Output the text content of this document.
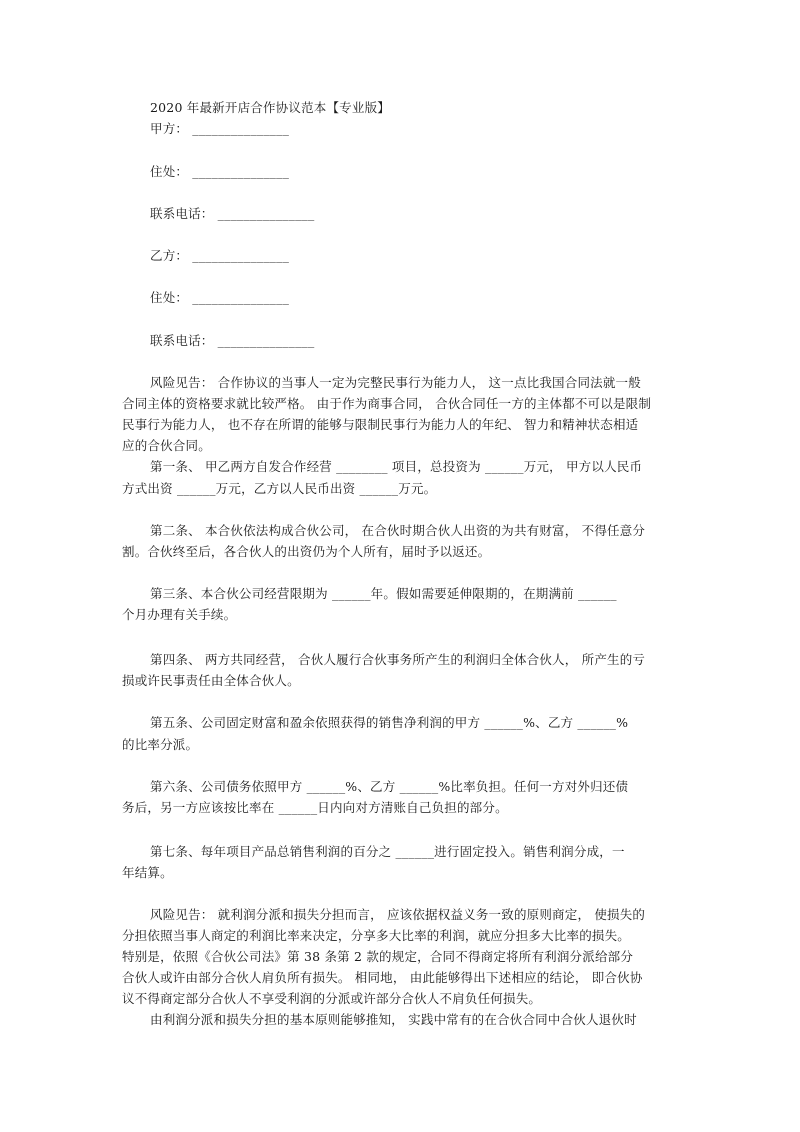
2020 年最新开店合作协议范本【专业版】
甲方： _______________
住处： _______________
联系电话： _______________
乙方： _______________
住处： _______________
联系电话： _______________
风险见告： 合作协议的当事人一定为完整民事行为能力人， 这一点比我国合同法就一般
合同主体的资格要求就比较严格。 由于作为商事合同， 合伙合同任一方的主体都不可以是限制
民事行为能力人， 也不存在所谓的能够与限制民事行为能力人的年纪、 智力和精神状态相适
应的合伙合同。
第一条、 甲乙两方自发合作经营 ________ 项目，总投资为 ______万元， 甲方以人民币
方式出资 ______万元，乙方以人民币出资 ______万元。
第二条、 本合伙依法构成合伙公司， 在合伙时期合伙人出资的为共有财富， 不得任意分
割。合伙终至后，各合伙人的出资仍为个人所有，届时予以返还。
第三条、本合伙公司经营限期为 ______年。假如需要延伸限期的，在期满前 ______
个月办理有关手续。
第四条、 两方共同经营， 合伙人履行合伙事务所产生的利润归全体合伙人， 所产生的亏
损或许民事责任由全体合伙人。
第五条、公司固定财富和盈余依照获得的销售净利润的甲方 ______%、乙方 ______%
的比率分派。
第六条、公司债务依照甲方 ______%、乙方 ______%比率负担。任何一方对外归还债
务后，另一方应该按比率在 ______日内向对方清账自己负担的部分。
第七条、每年项目产品总销售利润的百分之 ______进行固定投入。销售利润分成，一
年结算。
风险见告： 就利润分派和损失分担而言， 应该依据权益义务一致的原则商定， 使损失的
分担依照当事人商定的利润比率来决定，分享多大比率的利润，就应分担多大比率的损失。
特别是，依照《合伙公司法》第 38 条第 2 款的规定，合同不得商定将所有利润分派给部分
合伙人或许由部分合伙人肩负所有损失。 相同地， 由此能够得出下述相应的结论， 即合伙协
议不得商定部分合伙人不享受利润的分派或许部分合伙人不肩负任何损失。
由利润分派和损失分担的基本原则能够推知， 实践中常有的在合伙合同中合伙人退伙时
